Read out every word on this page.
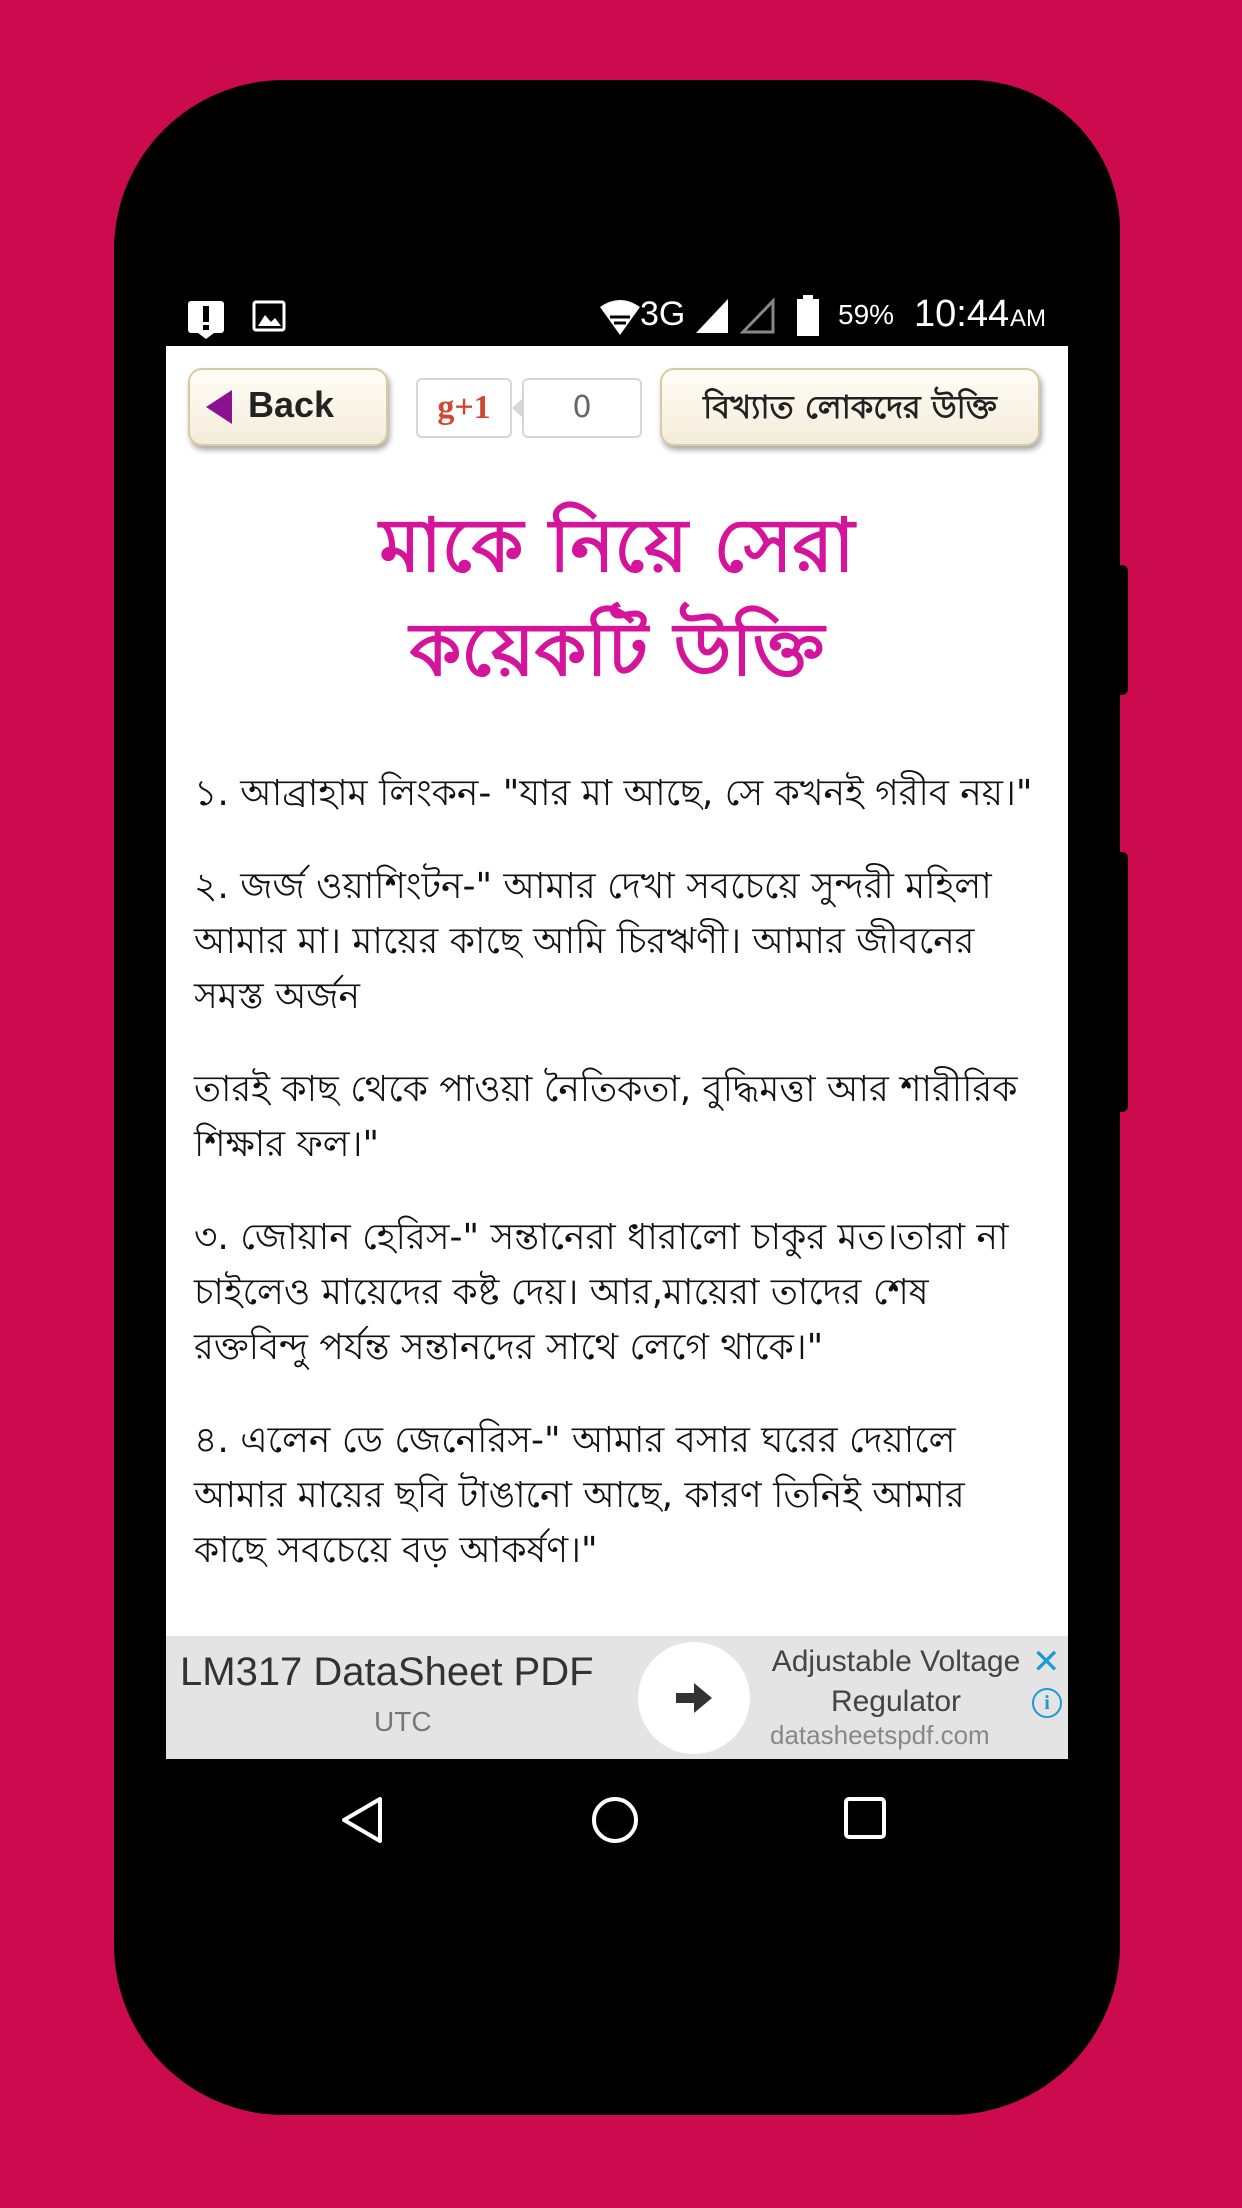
3G	59% 10:44 AM
Back	g+1	0	বিখ্যাত লোকদের উক্তি
মাকে নিয়ে সেরা
কয়েকটি উক্তি

১. আব্রাহাম লিংকন- "যার মা আছে, সে কখনই গরীব নয়।"

২. জর্জ ওয়াশিংটন-" আমার দেখা সবচেয়ে সুন্দরী মহিলা আমার মা। মায়ের কাছে আমি চিরঋণী। আমার জীবনের সমস্ত অর্জন

তারই কাছ থেকে পাওয়া নৈতিকতা, বুদ্ধিমত্তা আর শারীরিক শিক্ষার ফল।"

৩. জোয়ান হেরিস-" সন্তানেরা ধারালো চাকুর মত।তারা না চাইলেও মায়েদের কষ্ট দেয়। আর,মায়েরা তাদের শেষ রক্তবিন্দু পর্যন্ত সন্তানদের সাথে লেগে থাকে।"

৪. এলেন ডে জেনেরিস-" আমার বসার ঘরের দেয়ালে আমার মায়ের ছবি টাঙানো আছে, কারণ তিনিই আমার কাছে সবচেয়ে বড় আকর্ষণ।"

LM317 DataSheet PDF
UTC
Adjustable Voltage Regulator
datasheetspdf.com
✕
i
